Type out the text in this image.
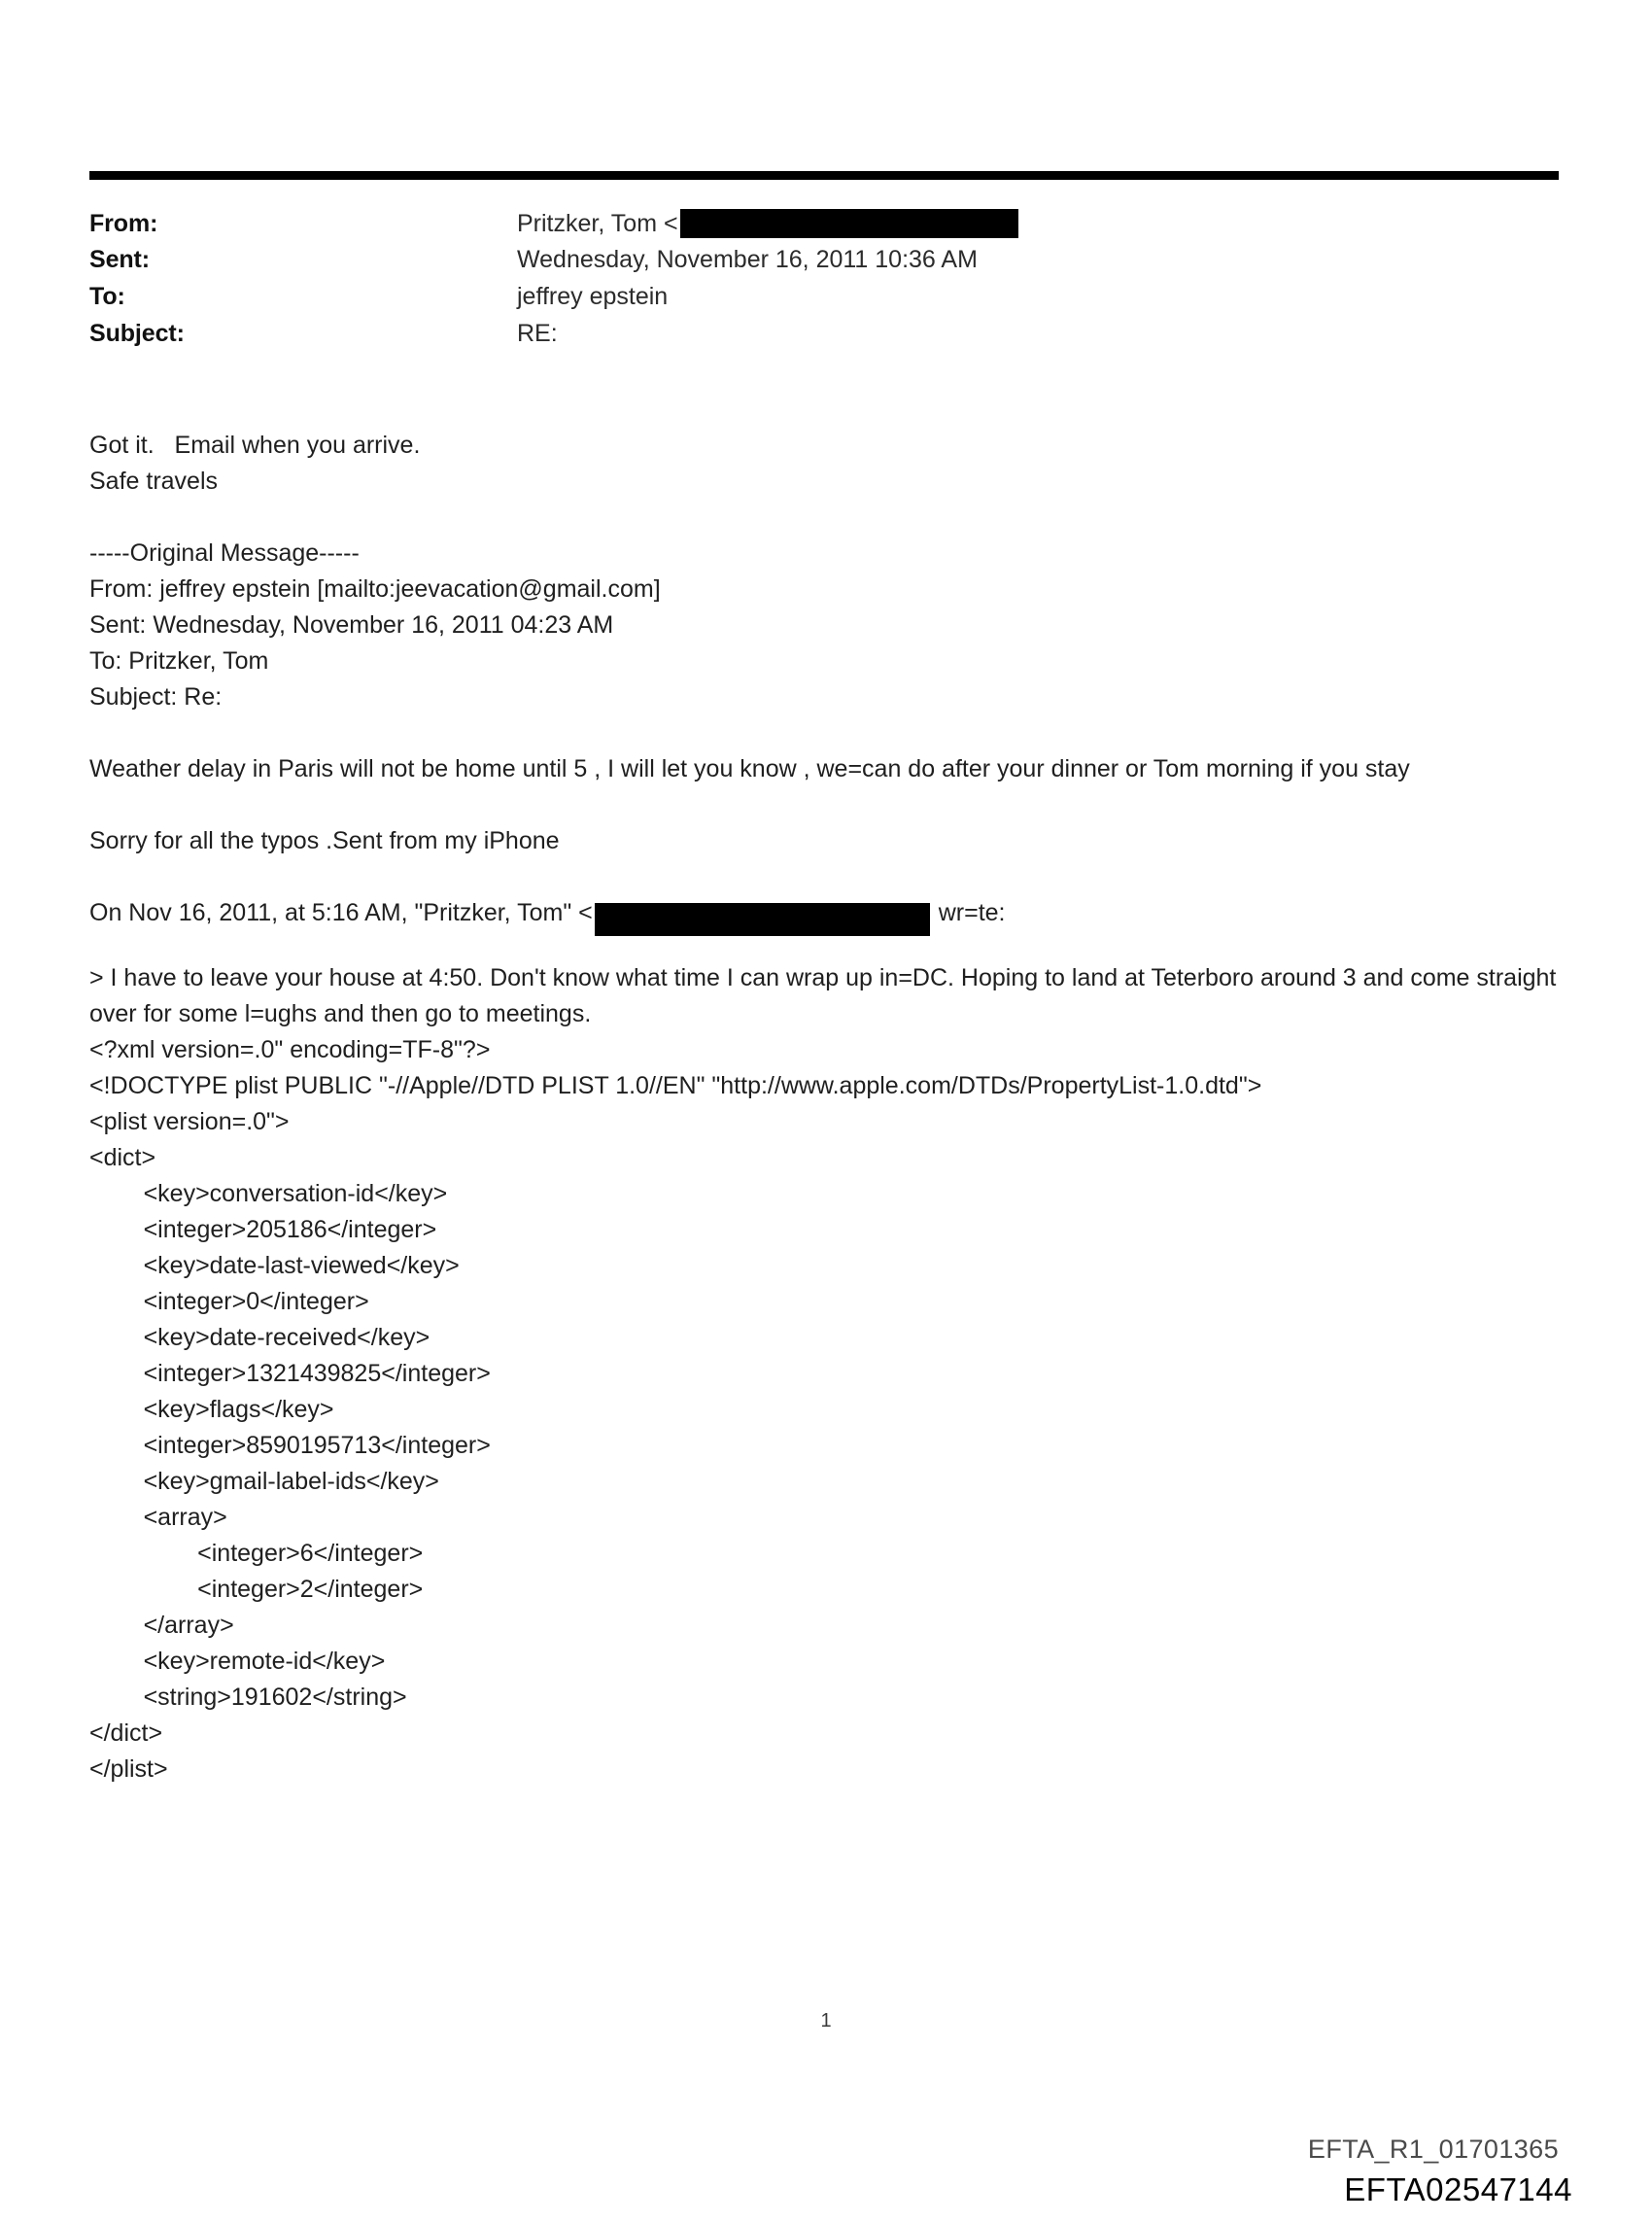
From:	Pritzker, Tom <
Sent:	Wednesday, November 16, 2011 10:36 AM
To:	jeffrey epstein
Subject:	RE:
Got it.   Email when you arrive.
Safe travels
-----Original Message-----
From: jeffrey epstein [mailto:jeevacation@gmail.com]
Sent: Wednesday, November 16, 2011 04:23 AM
To: Pritzker, Tom
Subject: Re:
Weather delay in Paris will not be home until 5 , I will let you know , we=can do after your dinner or Tom morning if you stay
Sorry for all the typos .Sent from my iPhone
On Nov 16, 2011, at 5:16 AM, "Pritzker, Tom" <	wr=te:
> I have to leave your house at 4:50. Don't know what time I can wrap up in=DC. Hoping to land at Teterboro around 3 and come straight over for some l=ughs and then go to meetings.
<?xml version=.0" encoding=TF-8"?>
<!DOCTYPE plist PUBLIC "-//Apple//DTD PLIST 1.0//EN" "http://www.apple.com/DTDs/PropertyList-1.0.dtd">
<plist version=.0">
<dict>
<key>conversation-id</key>
<integer>205186</integer>
<key>date-last-viewed</key>
<integer>0</integer>
<key>date-received</key>
<integer>1321439825</integer>
<key>flags</key>
<integer>8590195713</integer>
<key>gmail-label-ids</key>
<array>
<integer>6</integer>
<integer>2</integer>
</array>
<key>remote-id</key>
<string>191602</string>
</dict>
</plist>
1
EFTA_R1_01701365
EFTA02547144
